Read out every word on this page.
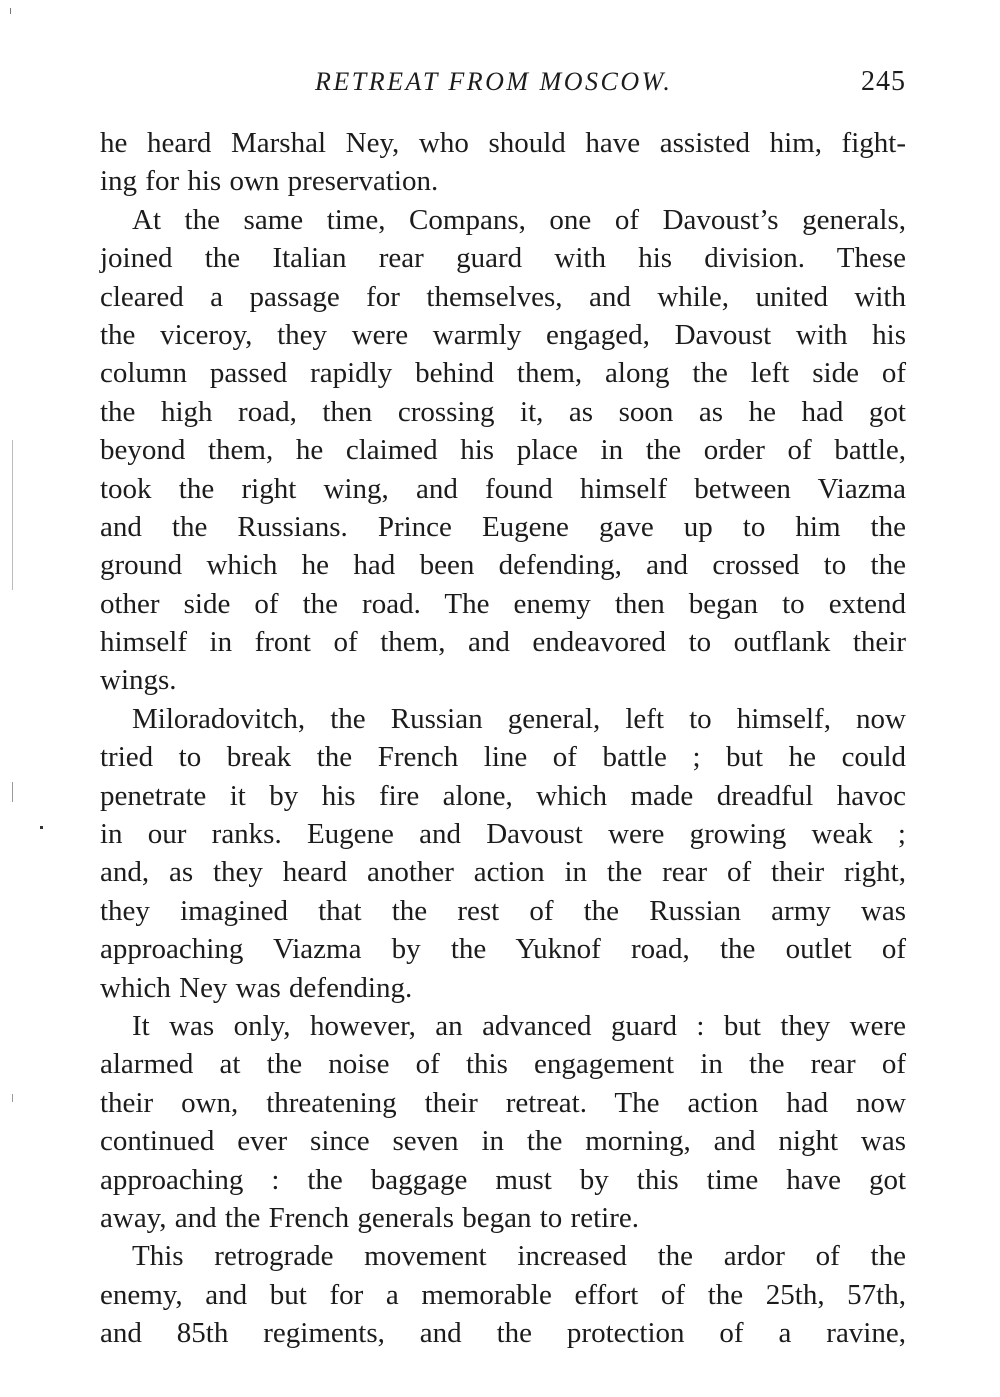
RETREAT FROM MOSCOW.	245
he heard Marshal Ney, who should have assisted him, fight-
ing for his own preservation.
At the same time, Compans, one of Davoust’s generals,
joined the Italian rear guard with his division. These
cleared a passage for themselves, and while, united with
the viceroy, they were warmly engaged, Davoust with his
column passed rapidly behind them, along the left side of
the high road, then crossing it, as soon as he had got
beyond them, he claimed his place in the order of battle,
took the right wing, and found himself between Viazma
and the Russians. Prince Eugene gave up to him the
ground which he had been defending, and crossed to the
other side of the road. The enemy then began to extend
himself in front of them, and endeavored to outflank their
wings.
Miloradovitch, the Russian general, left to himself, now
tried to break the French line of battle ; but he could
penetrate it by his fire alone, which made dreadful havoc
in our ranks. Eugene and Davoust were growing weak ;
and, as they heard another action in the rear of their right,
they imagined that the rest of the Russian army was
approaching Viazma by the Yuknof road, the outlet of
which Ney was defending.
It was only, however, an advanced guard : but they were
alarmed at the noise of this engagement in the rear of
their own, threatening their retreat. The action had now
continued ever since seven in the morning, and night was
approaching : the baggage must by this time have got
away, and the French generals began to retire.
This retrograde movement increased the ardor of the
enemy, and but for a memorable effort of the 25th, 57th,
and 85th regiments, and the protection of a ravine,
